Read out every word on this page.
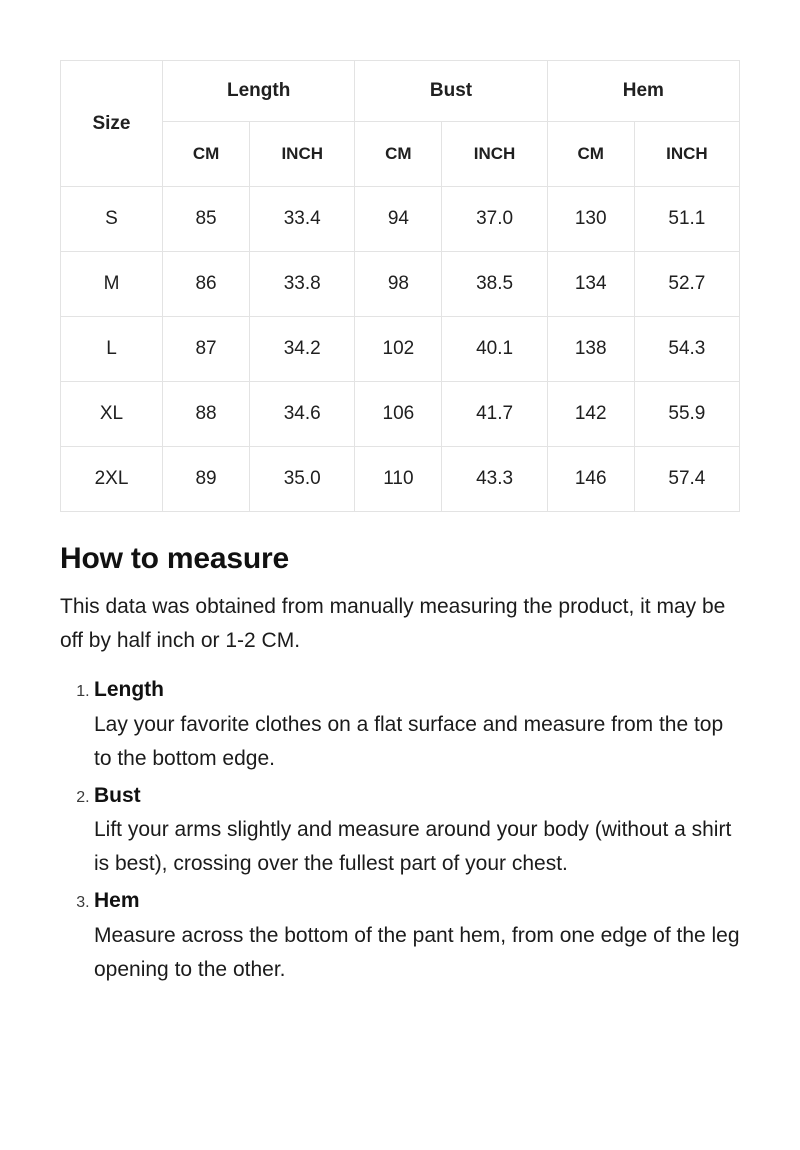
Size	Length		Bust		Hem	
	CM	INCH	CM	INCH	CM	INCH
S	85	33.4	94	37.0	130	51.1
M	86	33.8	98	38.5	134	52.7
L	87	34.2	102	40.1	138	54.3
XL	88	34.6	106	41.7	142	55.9
2XL	89	35.0	110	43.3	146	57.4
How to measure

This data was obtained from manually measuring the product, it may be off by half inch or 1-2 CM.

1. Length
Lay your favorite clothes on a flat surface and measure from the top to the bottom edge.
2. Bust
Lift your arms slightly and measure around your body (without a shirt is best), crossing over the fullest part of your chest.
3. Hem
Measure across the bottom of the pant hem, from one edge of the leg opening to the other.
